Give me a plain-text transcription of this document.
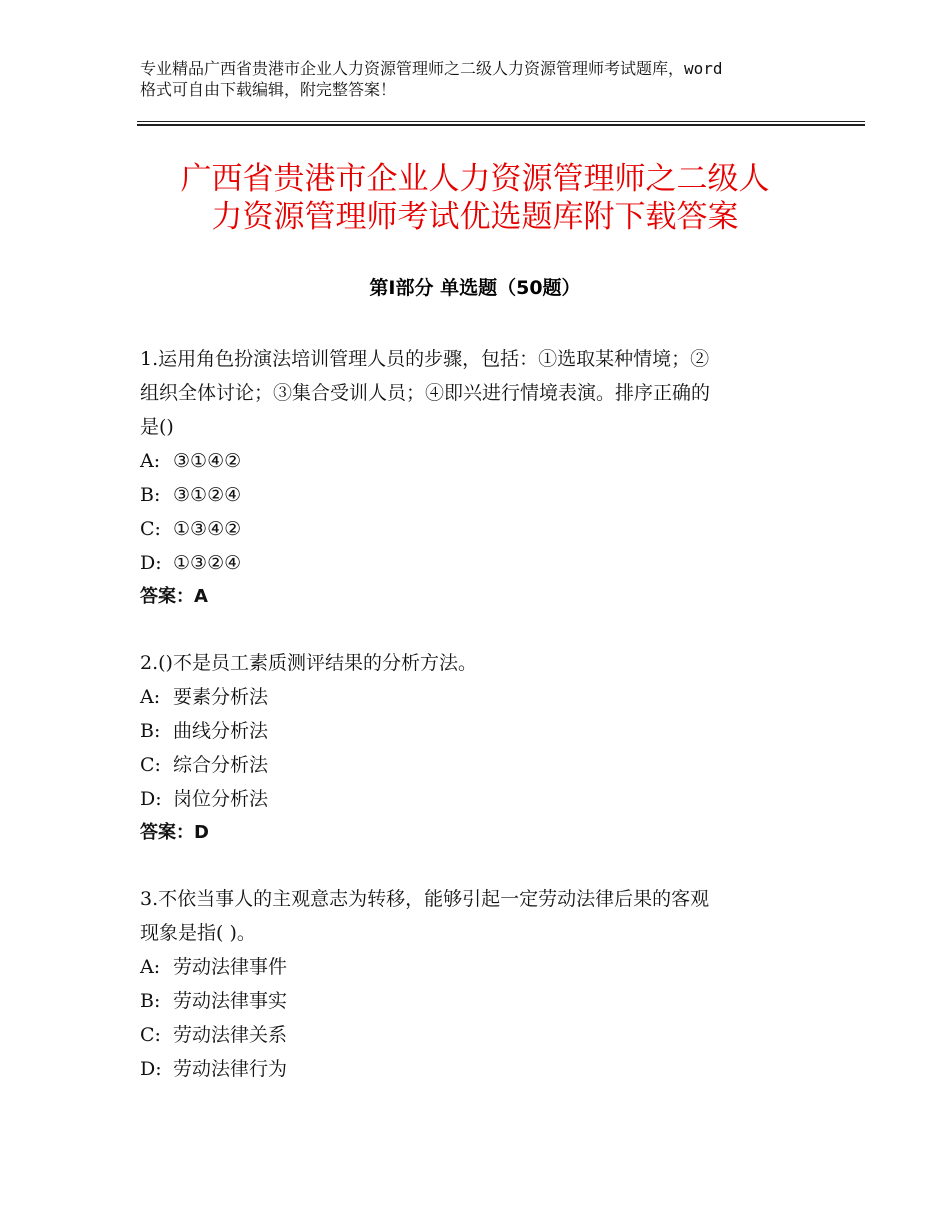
专业精品广西省贵港市企业人力资源管理师之二级人力资源管理师考试题库，word
格式可自由下载编辑，附完整答案！
广西省贵港市企业人力资源管理师之二级人
力资源管理师考试优选题库附下载答案
第Ⅰ部分 单选题（50题）
1.运用角色扮演法培训管理人员的步骤，包括：①选取某种情境；②
组织全体讨论；③集合受训人员；④即兴进行情境表演。排序正确的
是()
A: ③①④②
B: ③①②④
C: ①③④②
D: ①③②④
答案：A
2.()不是员工素质测评结果的分析方法。
A: 要素分析法
B: 曲线分析法
C: 综合分析法
D: 岗位分析法
答案：D
3.不依当事人的主观意志为转移，能够引起一定劳动法律后果的客观
现象是指( )。
A: 劳动法律事件
B: 劳动法律事实
C: 劳动法律关系
D: 劳动法律行为
